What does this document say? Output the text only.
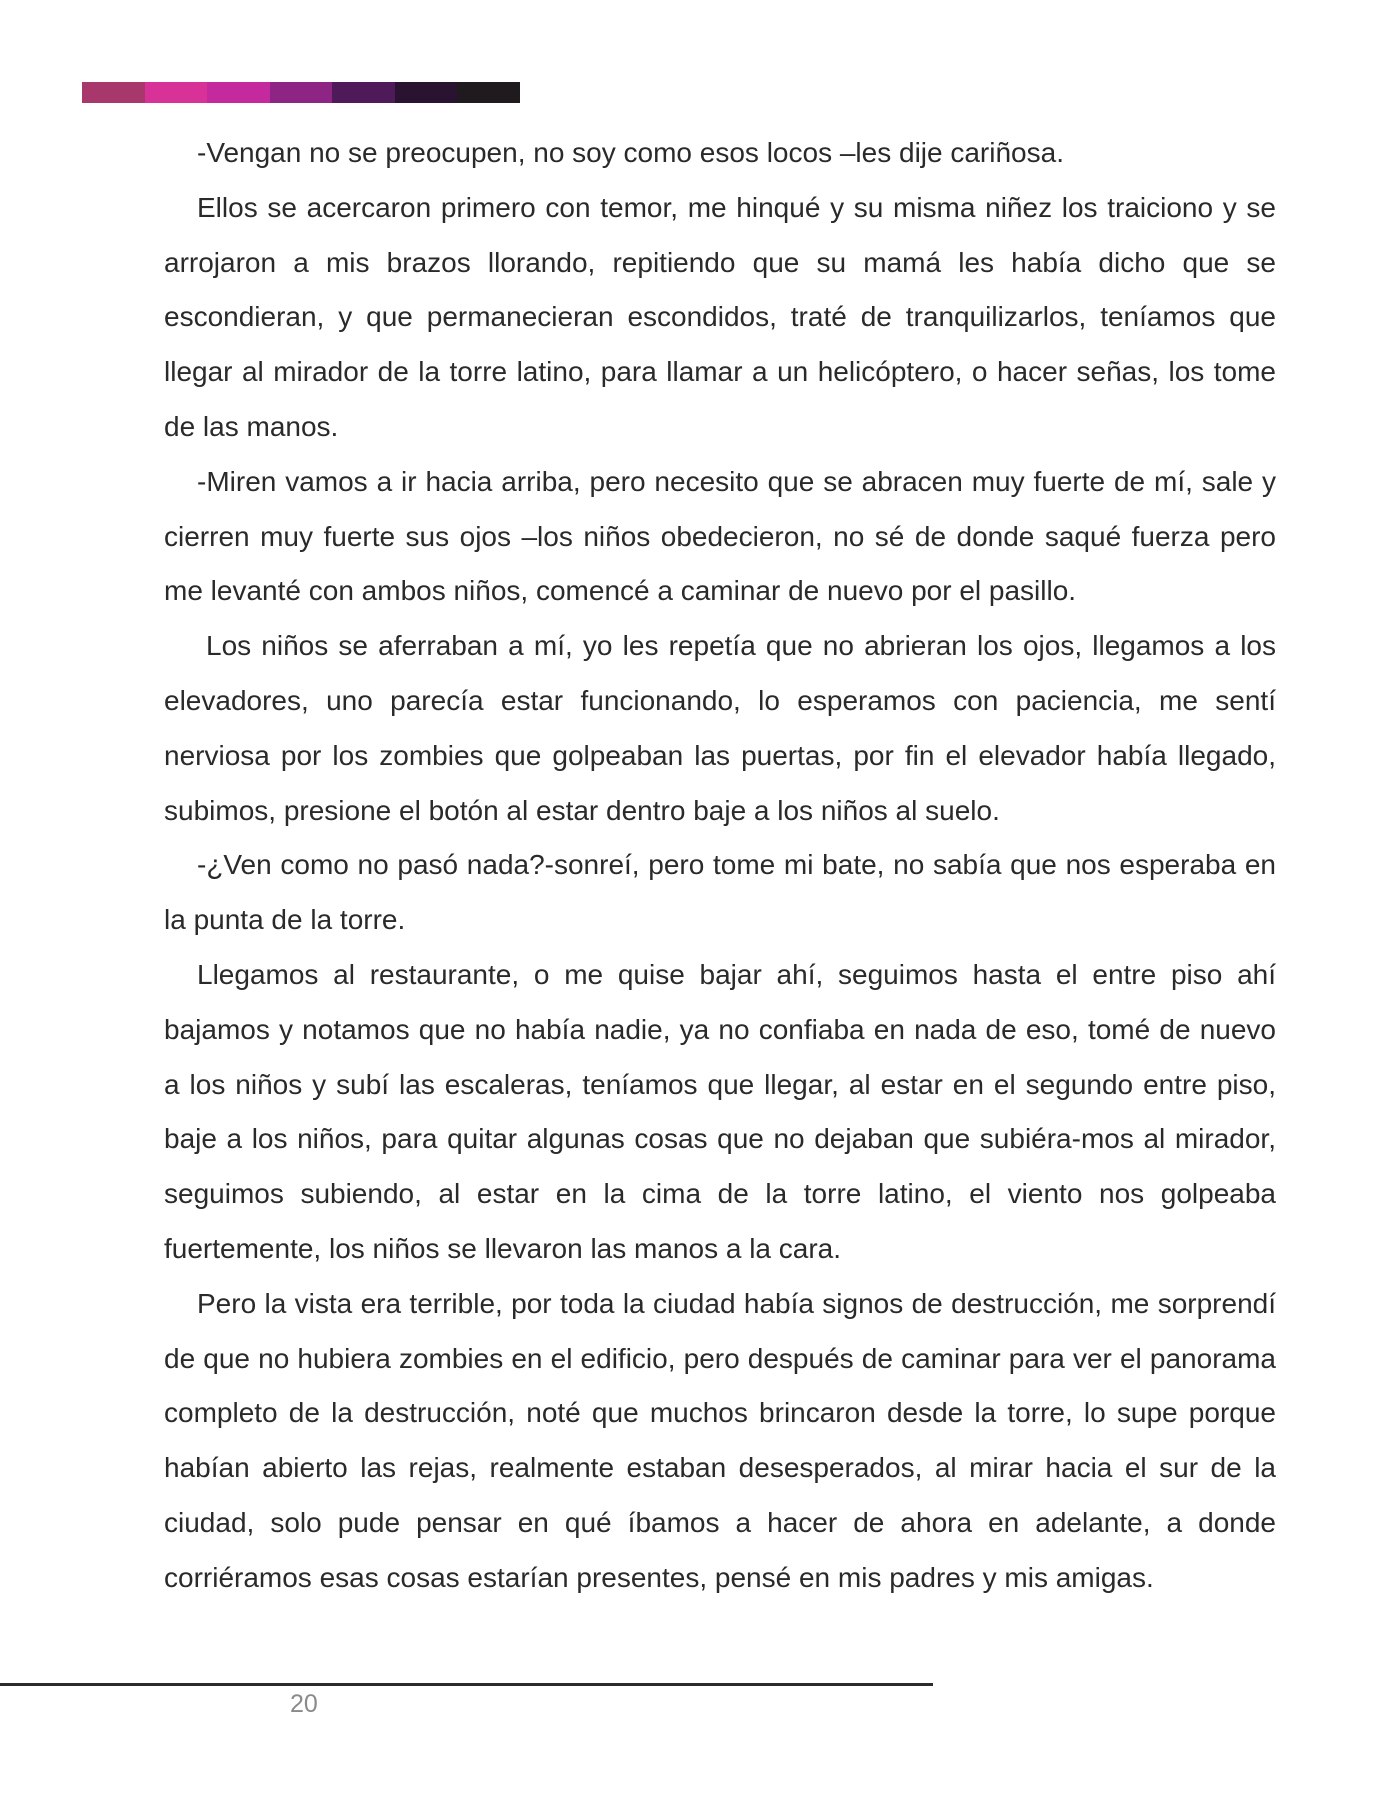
-Vengan no se preocupen, no soy como esos locos –les dije cariñosa.

Ellos se acercaron primero con temor, me hinqué y su misma niñez los traiciono y se arrojaron a mis brazos llorando, repitiendo que su mamá les había dicho que se escondieran, y que permanecieran escondidos, traté de tranquilizarlos, teníamos que llegar al mirador de la torre latino, para llamar a un helicóptero, o hacer señas, los tome de las manos.

-Miren vamos a ir hacia arriba, pero necesito que se abracen muy fuerte de mí, sale y cierren muy fuerte sus ojos –los niños obedecieron, no sé de donde saqué fuerza pero me levanté con ambos niños, comencé a caminar de nuevo por el pasillo.

Los niños se aferraban a mí, yo les repetía que no abrieran los ojos, llegamos a los elevadores, uno parecía estar funcionando, lo esperamos con paciencia, me sentí nerviosa por los zombies que golpeaban las puertas, por fin el elevador había llegado, subimos, presione el botón al estar dentro baje a los niños al suelo.

-¿Ven como no pasó nada?-sonreí, pero tome mi bate, no sabía que nos esperaba en la punta de la torre.

Llegamos al restaurante, o me quise bajar ahí, seguimos hasta el entre piso ahí bajamos y notamos que no había nadie, ya no confiaba en nada de eso, tomé de nuevo a los niños y subí las escaleras, teníamos que llegar, al estar en el segundo entre piso, baje a los niños, para quitar algunas cosas que no dejaban que subiéra-mos al mirador, seguimos subiendo, al estar en la cima de la torre latino, el viento nos golpeaba fuertemente, los niños se llevaron las manos a la cara.

Pero la vista era terrible, por toda la ciudad había signos de destrucción, me sorprendí de que no hubiera zombies en el edificio, pero después de caminar para ver el panorama completo de la destrucción, noté que muchos brincaron desde la torre, lo supe porque habían abierto las rejas, realmente estaban desesperados, al mirar hacia el sur de la ciudad, solo pude pensar en qué íbamos a hacer de ahora en adelante, a donde corriéramos esas cosas estarían presentes, pensé en mis padres y mis amigas.

20
